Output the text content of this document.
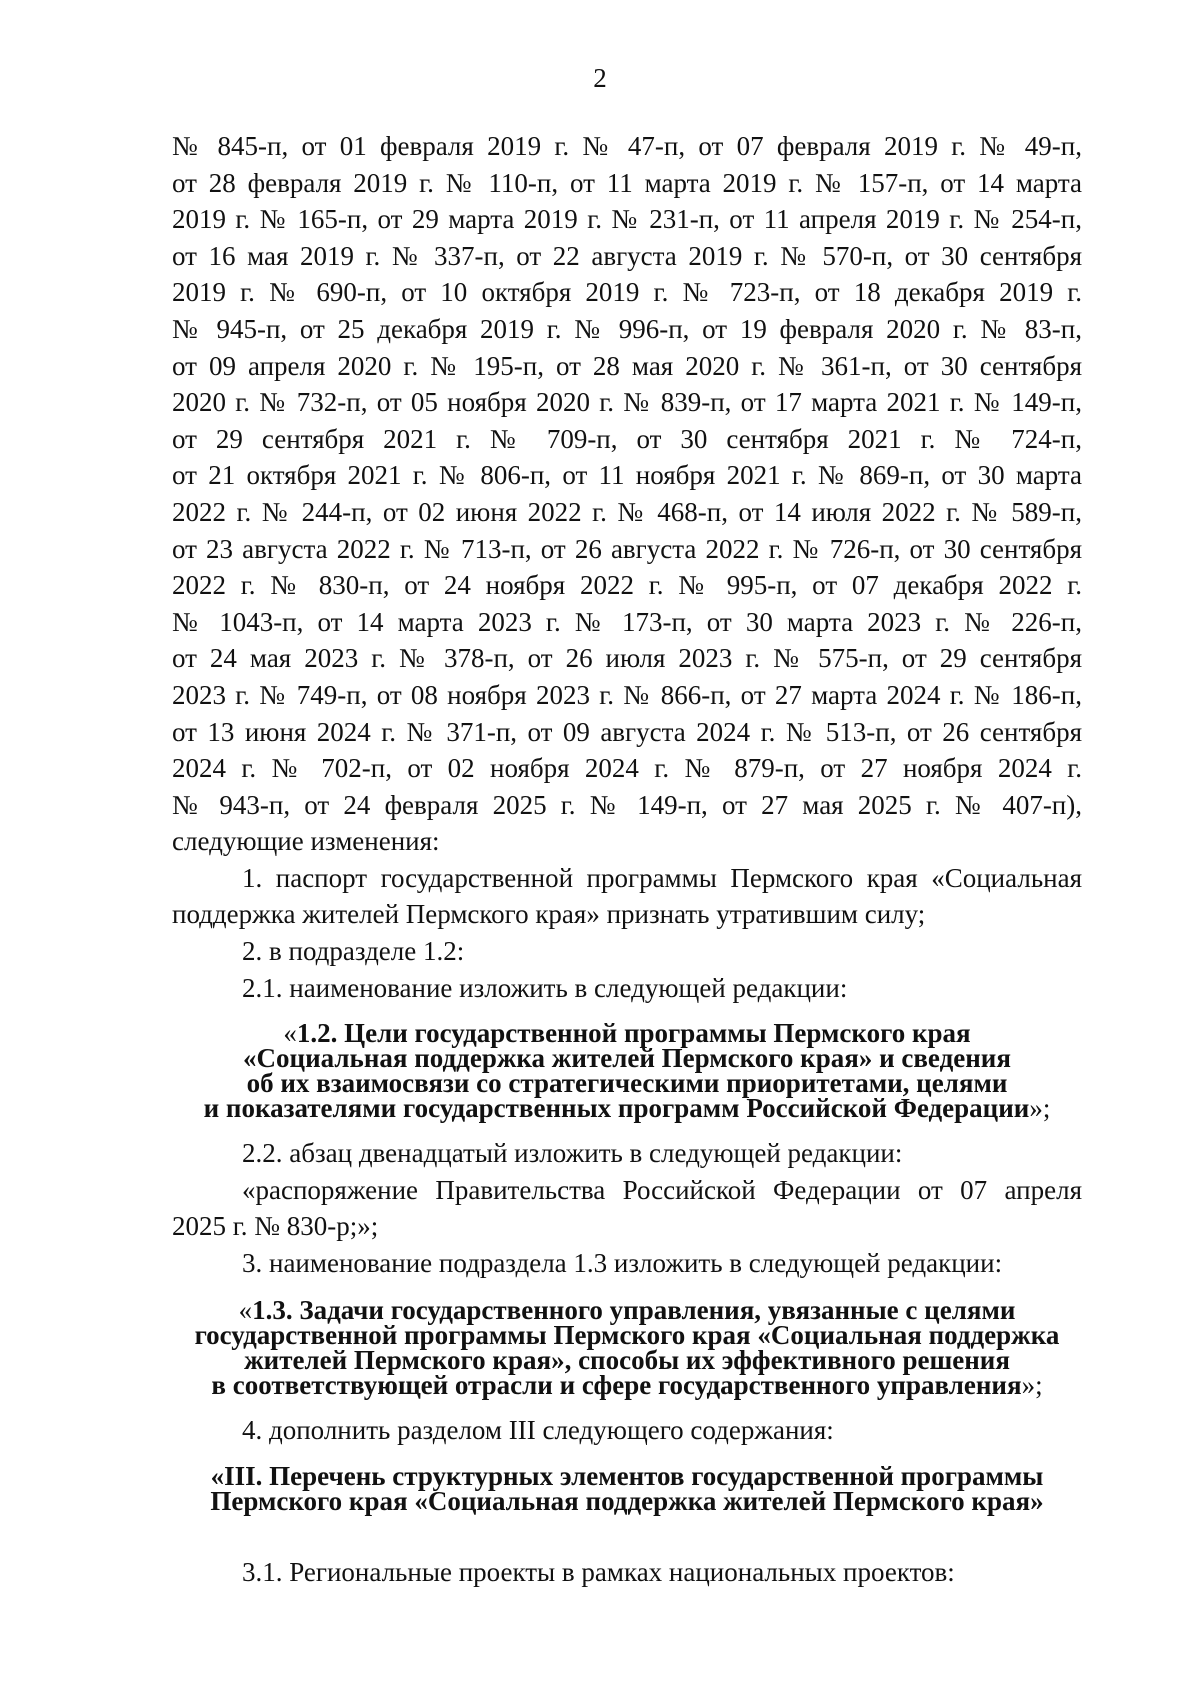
2

№ 845-п, от 01 февраля 2019 г. № 47-п, от 07 февраля 2019 г. № 49-п,

от 28 февраля 2019 г. № 110-п, от 11 марта 2019 г. № 157-п, от 14 марта

2019 г. № 165-п, от 29 марта 2019 г. № 231-п, от 11 апреля 2019 г. № 254-п,

от 16 мая 2019 г. № 337-п, от 22 августа 2019 г. № 570-п, от 30 сентября

2019 г. № 690-п, от 10 октября 2019 г. № 723-п, от 18 декабря 2019 г.

№ 945-п, от 25 декабря 2019 г. № 996-п, от 19 февраля 2020 г. № 83-п,

от 09 апреля 2020 г. № 195-п, от 28 мая 2020 г. № 361-п, от 30 сентября

2020 г. № 732-п, от 05 ноября 2020 г. № 839-п, от 17 марта 2021 г. № 149-п,

от 29 сентября 2021 г. № 709-п, от 30 сентября 2021 г. № 724-п,

от 21 октября 2021 г. № 806-п, от 11 ноября 2021 г. № 869-п, от 30 марта

2022 г. № 244-п, от 02 июня 2022 г. № 468-п, от 14 июля 2022 г. № 589-п,

от 23 августа 2022 г. № 713-п, от 26 августа 2022 г. № 726-п, от 30 сентября

2022 г. № 830-п, от 24 ноября 2022 г. № 995-п, от 07 декабря 2022 г.

№ 1043-п, от 14 марта 2023 г. № 173-п, от 30 марта 2023 г. № 226-п,

от 24 мая 2023 г. № 378-п, от 26 июля 2023 г. № 575-п, от 29 сентября

2023 г. № 749-п, от 08 ноября 2023 г. № 866-п, от 27 марта 2024 г. № 186-п,

от 13 июня 2024 г. № 371-п, от 09 августа 2024 г. № 513-п, от 26 сентября

2024 г. № 702-п, от 02 ноября 2024 г. № 879-п, от 27 ноября 2024 г.

№ 943-п, от 24 февраля 2025 г. № 149-п, от 27 мая 2025 г. № 407-п),

следующие изменения:

1. паспорт государственной программы Пермского края «Социальная

поддержка жителей Пермского края» признать утратившим силу;

2. в подразделе 1.2:

2.1. наименование изложить в следующей редакции:

«1.2. Цели государственной программы Пермского края

«Социальная поддержка жителей Пермского края» и сведения

об их взаимосвязи со стратегическими приоритетами, целями

и показателями государственных программ Российской Федерации»;

2.2. абзац двенадцатый изложить в следующей редакции:

«распоряжение Правительства Российской Федерации от 07 апреля

2025 г. № 830-р;»;

3. наименование подраздела 1.3 изложить в следующей редакции:

«1.3. Задачи государственного управления, увязанные с целями

государственной программы Пермского края «Социальная поддержка

жителей Пермского края», способы их эффективного решения

в соответствующей отрасли и сфере государственного управления»;

4. дополнить разделом III следующего содержания:

«III. Перечень структурных элементов государственной программы

Пермского края «Социальная поддержка жителей Пермского края»

3.1. Региональные проекты в рамках национальных проектов:
